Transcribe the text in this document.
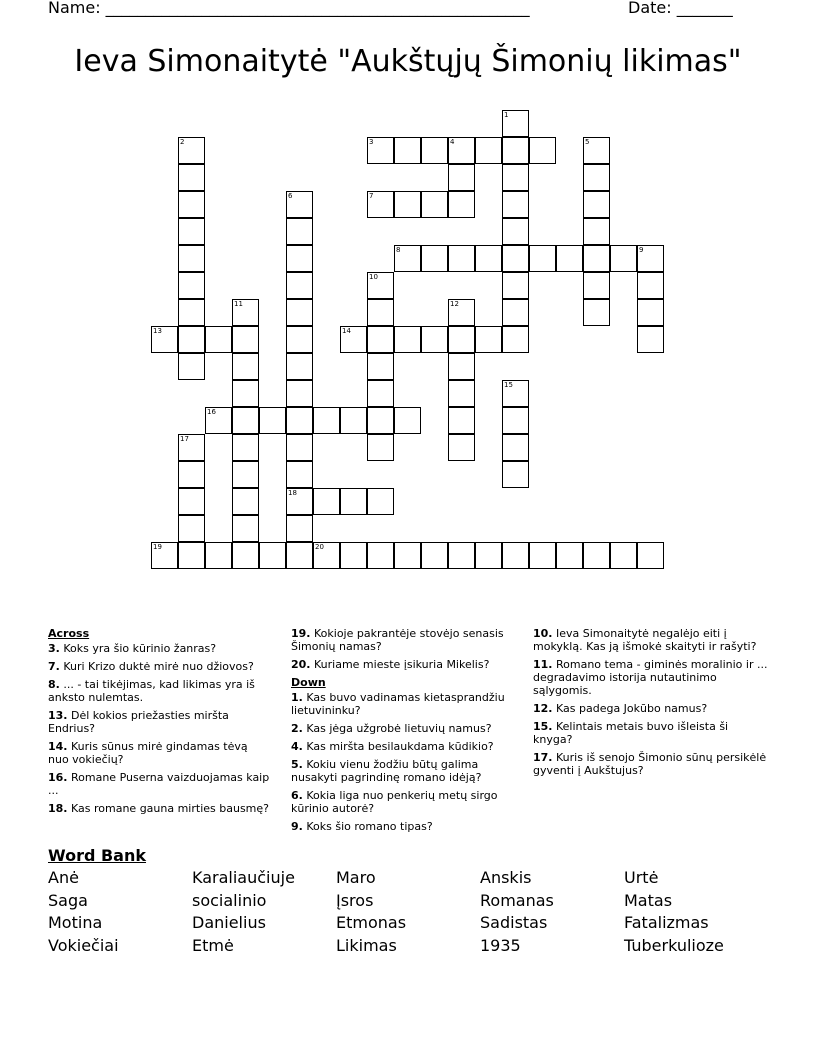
Name: _____________________________________________________	Date: _______
Ieva Simonaitytė "Aukštųjų Šimonių likimas"
3	4
7
8	9
13	14
16
18
19	20
1
2	5
6
10
11	12
15
17

Across

3. Koks yra šio kūrinio žanras?

7. Kuri Krizo duktė mirė nuo džiovos?

8. ... - tai tikėjimas, kad likimas yra iš anksto nulemtas.

13. Dėl kokios priežasties miršta Endrius?

14. Kuris sūnus mirė gindamas tėvą nuo vokiečių?

16. Romane Puserna vaizduojamas kaip ...

18. Kas romane gauna mirties bausmę?

19. Kokioje pakrantėje stovėjo senasis Šimonių namas?

20. Kuriame mieste įsikuria Mikelis?

Down

1. Kas buvo vadinamas kietasprandžiu lietuvininku?

2. Kas jėga užgrobė lietuvių namus?

4. Kas miršta besilaukdama kūdikio?

5. Kokiu vienu žodžiu būtų galima nusakyti pagrindinę romano idėją?

6. Kokia liga nuo penkerių metų sirgo kūrinio autorė?

9. Koks šio romano tipas?

10. Ieva Simonaitytė negalėjo eiti į mokyklą. Kas ją išmokė skaityti ir rašyti?

11. Romano tema - giminės moralinio ir ... degradavimo istorija nutautinimo sąlygomis.

12. Kas padega Jokūbo namus?

15. Kelintais metais buvo išleista ši knyga?

17. Kuris iš senojo Šimonio sūnų persikėlė gyventi į Aukštujus?

Word Bank
Anė	Karaliaučiuje	Maro	Anskis	Urtė
Saga	socialinio	Įsros	Romanas	Matas
Motina	Danielius	Etmonas	Sadistas	Fatalizmas
Vokiečiai	Etmė	Likimas	1935	Tuberkulioze
